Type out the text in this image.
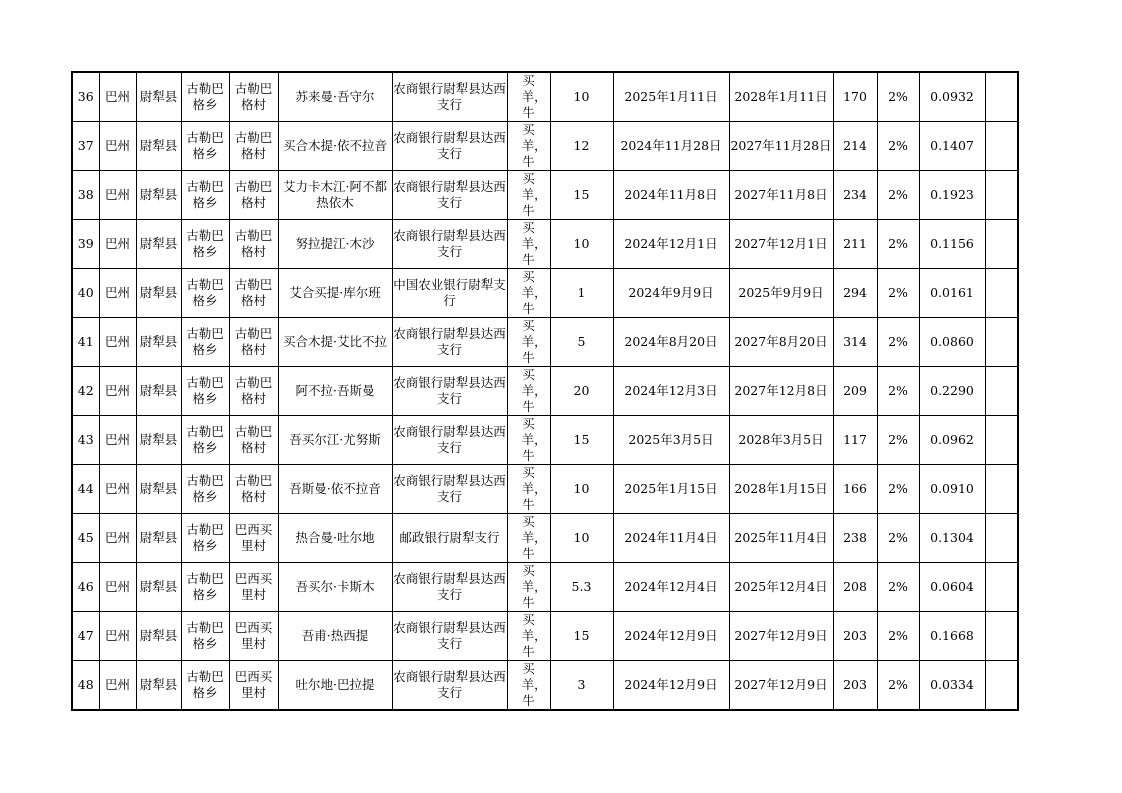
36	巴州	尉犁县	古勒巴格乡	古勒巴格村	苏来曼·吾守尔	农商银行尉犁县达西支行	买羊，牛	10	2025年1月11日	2028年1月11日	170	2%	0.0932	
37	巴州	尉犁县	古勒巴格乡	古勒巴格村	买合木提·依不拉音	农商银行尉犁县达西支行	买羊，牛	12	2024年11月28日	2027年11月28日	214	2%	0.1407	
38	巴州	尉犁县	古勒巴格乡	古勒巴格村	艾力卡木江·阿不都热依木	农商银行尉犁县达西支行	买羊，牛	15	2024年11月8日	2027年11月8日	234	2%	0.1923	
39	巴州	尉犁县	古勒巴格乡	古勒巴格村	努拉提江·木沙	农商银行尉犁县达西支行	买羊，牛	10	2024年12月1日	2027年12月1日	211	2%	0.1156	
40	巴州	尉犁县	古勒巴格乡	古勒巴格村	艾合买提·库尔班	中国农业银行尉犁支行	买羊，牛	1	2024年9月9日	2025年9月9日	294	2%	0.0161	
41	巴州	尉犁县	古勒巴格乡	古勒巴格村	买合木提·艾比不拉	农商银行尉犁县达西支行	买羊，牛	5	2024年8月20日	2027年8月20日	314	2%	0.0860	
42	巴州	尉犁县	古勒巴格乡	古勒巴格村	阿不拉·吾斯曼	农商银行尉犁县达西支行	买羊，牛	20	2024年12月3日	2027年12月8日	209	2%	0.2290	
43	巴州	尉犁县	古勒巴格乡	古勒巴格村	吾买尔江·尤努斯	农商银行尉犁县达西支行	买羊，牛	15	2025年3月5日	2028年3月5日	117	2%	0.0962	
44	巴州	尉犁县	古勒巴格乡	古勒巴格村	吾斯曼·依不拉音	农商银行尉犁县达西支行	买羊，牛	10	2025年1月15日	2028年1月15日	166	2%	0.0910	
45	巴州	尉犁县	古勒巴格乡	巴西买里村	热合曼·吐尔地	邮政银行尉犁支行	买羊，牛	10	2024年11月4日	2025年11月4日	238	2%	0.1304	
46	巴州	尉犁县	古勒巴格乡	巴西买里村	吾买尔·卡斯木	农商银行尉犁县达西支行	买羊，牛	5.3	2024年12月4日	2025年12月4日	208	2%	0.0604	
47	巴州	尉犁县	古勒巴格乡	巴西买里村	吾甫·热西提	农商银行尉犁县达西支行	买羊，牛	15	2024年12月9日	2027年12月9日	203	2%	0.1668	
48	巴州	尉犁县	古勒巴格乡	巴西买里村	吐尔地·巴拉提	农商银行尉犁县达西支行	买羊，牛	3	2024年12月9日	2027年12月9日	203	2%	0.0334	
